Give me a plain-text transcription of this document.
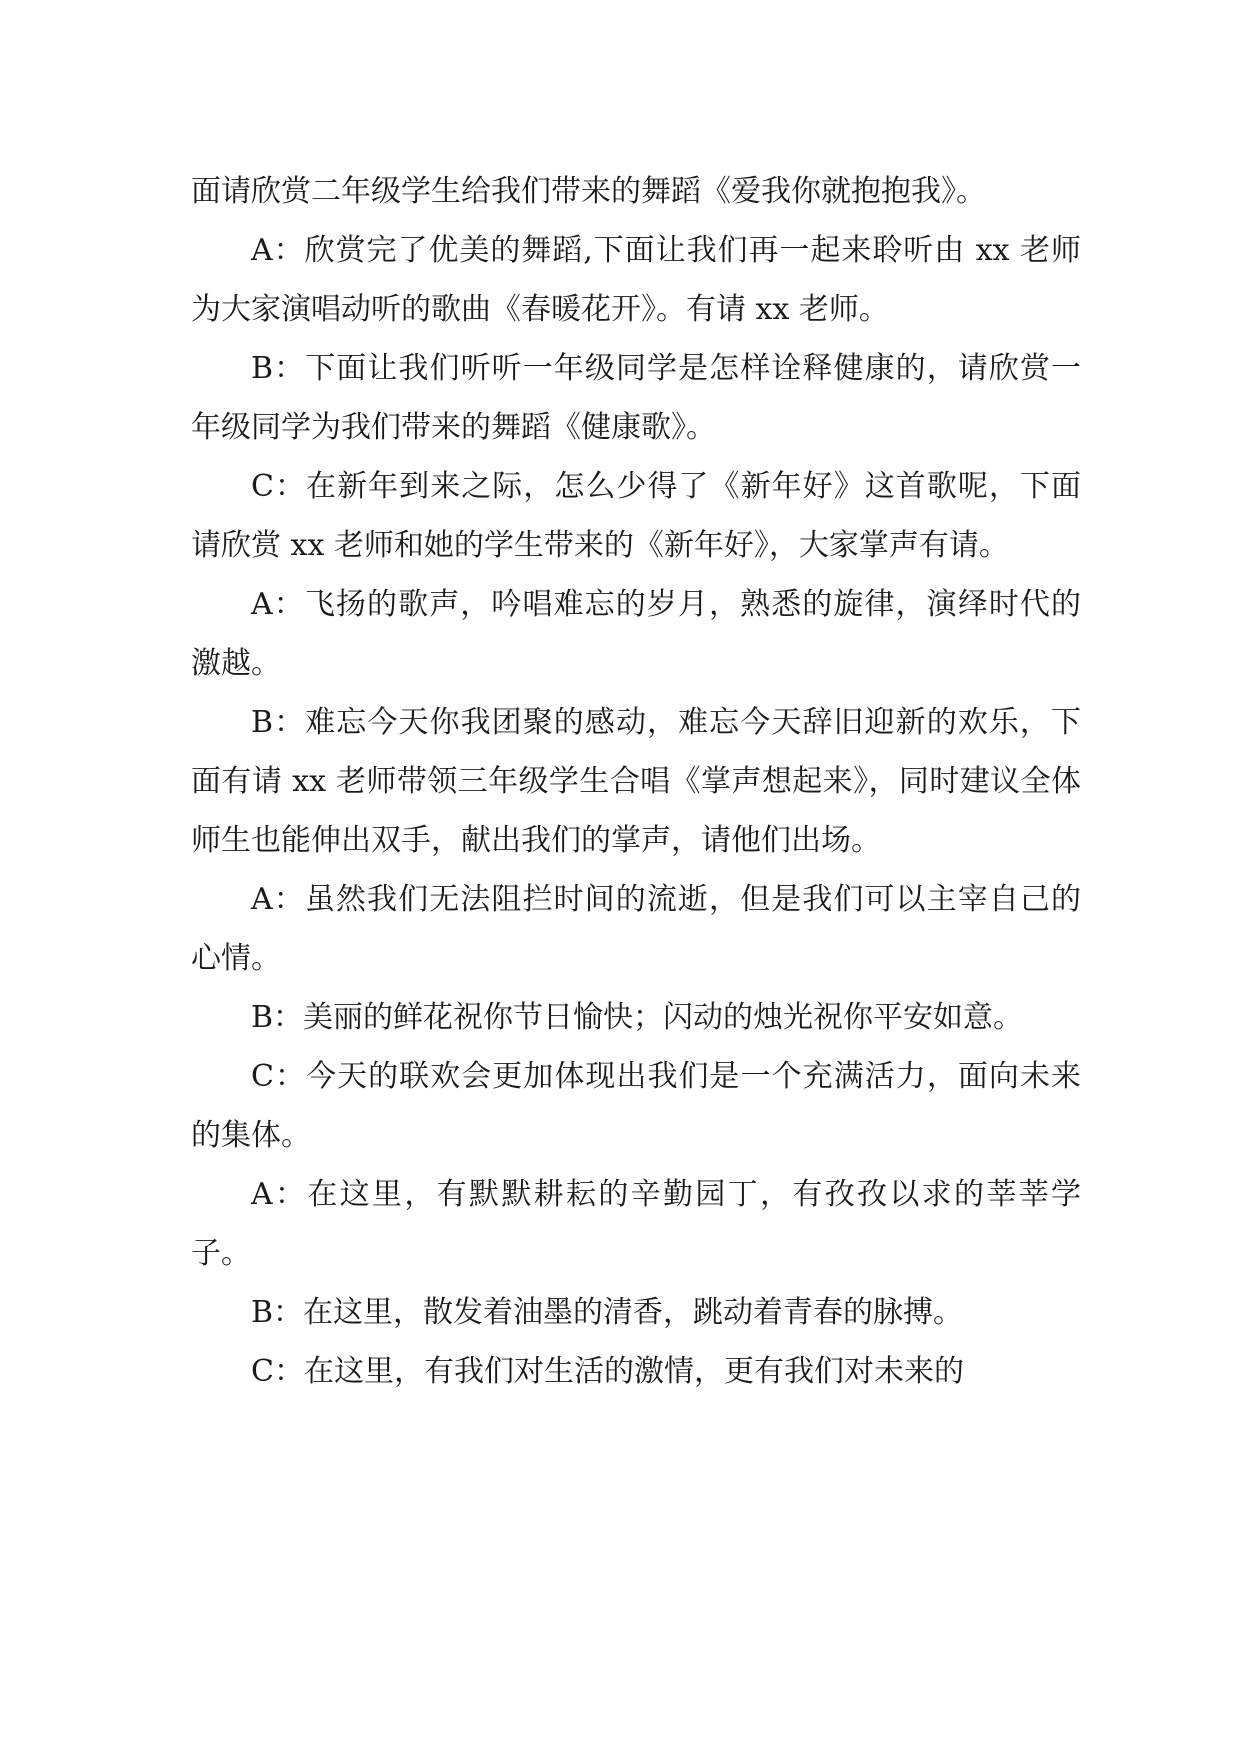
面请欣赏二年级学生给我们带来的舞蹈《爱我你就抱抱我》。

A：欣赏完了优美的舞蹈,下面让我们再一起来聆听由 xx 老师为大家演唱动听的歌曲《春暖花开》。有请 xx 老师。

B：下面让我们听听一年级同学是怎样诠释健康的，请欣赏一年级同学为我们带来的舞蹈《健康歌》。

C：在新年到来之际，怎么少得了《新年好》这首歌呢，下面请欣赏 xx 老师和她的学生带来的《新年好》，大家掌声有请。

A：飞扬的歌声，吟唱难忘的岁月，熟悉的旋律，演绎时代的激越。

B：难忘今天你我团聚的感动，难忘今天辞旧迎新的欢乐，下面有请 xx 老师带领三年级学生合唱《掌声想起来》，同时建议全体师生也能伸出双手，献出我们的掌声，请他们出场。

A：虽然我们无法阻拦时间的流逝，但是我们可以主宰自己的心情。

B：美丽的鲜花祝你节日愉快；闪动的烛光祝你平安如意。

C：今天的联欢会更加体现出我们是一个充满活力，面向未来的集体。

A：在这里，有默默耕耘的辛勤园丁，有孜孜以求的莘莘学子。

B：在这里，散发着油墨的清香，跳动着青春的脉搏。

C：在这里，有我们对生活的激情，更有我们对未来的
